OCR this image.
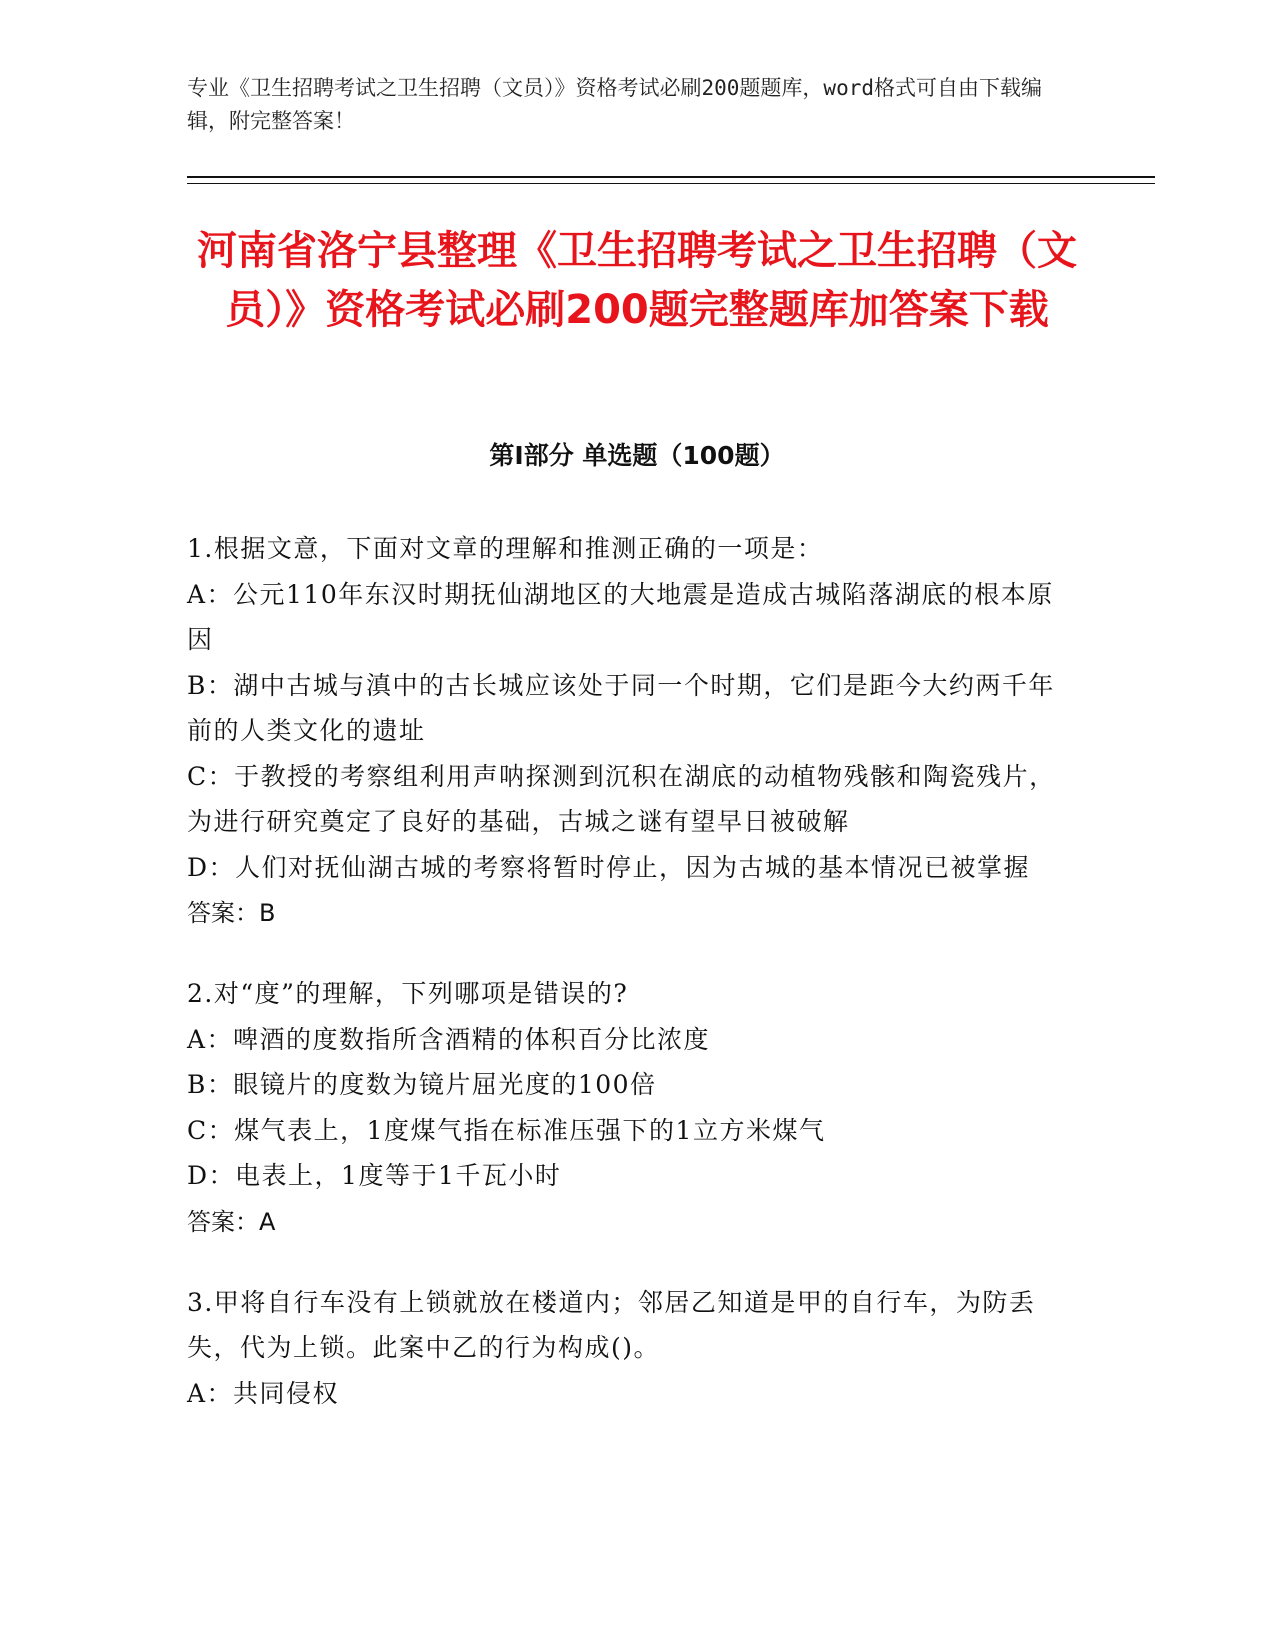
专业《卫生招聘考试之卫生招聘（文员）》资格考试必刷200题题库，word格式可自由下载编辑，附完整答案！
河南省洛宁县整理《卫生招聘考试之卫生招聘（文员）》资格考试必刷200题完整题库加答案下载
第I部分 单选题（100题）

1.根据文意，下面对文章的理解和推测正确的一项是：

A：公元110年东汉时期抚仙湖地区的大地震是造成古城陷落湖底的根本原因

B：湖中古城与滇中的古长城应该处于同一个时期，它们是距今大约两千年前的人类文化的遗址

C：于教授的考察组利用声呐探测到沉积在湖底的动植物残骸和陶瓷残片，为进行研究奠定了良好的基础，古城之谜有望早日被破解

D：人们对抚仙湖古城的考察将暂时停止，因为古城的基本情况已被掌握

答案：B

2.对“度”的理解，下列哪项是错误的?

A：啤酒的度数指所含酒精的体积百分比浓度

B：眼镜片的度数为镜片屈光度的100倍

C：煤气表上，1度煤气指在标准压强下的1立方米煤气

D：电表上，1度等于1千瓦小时

答案：A

3.甲将自行车没有上锁就放在楼道内；邻居乙知道是甲的自行车，为防丢失，代为上锁。此案中乙的行为构成()。

A：共同侵权
